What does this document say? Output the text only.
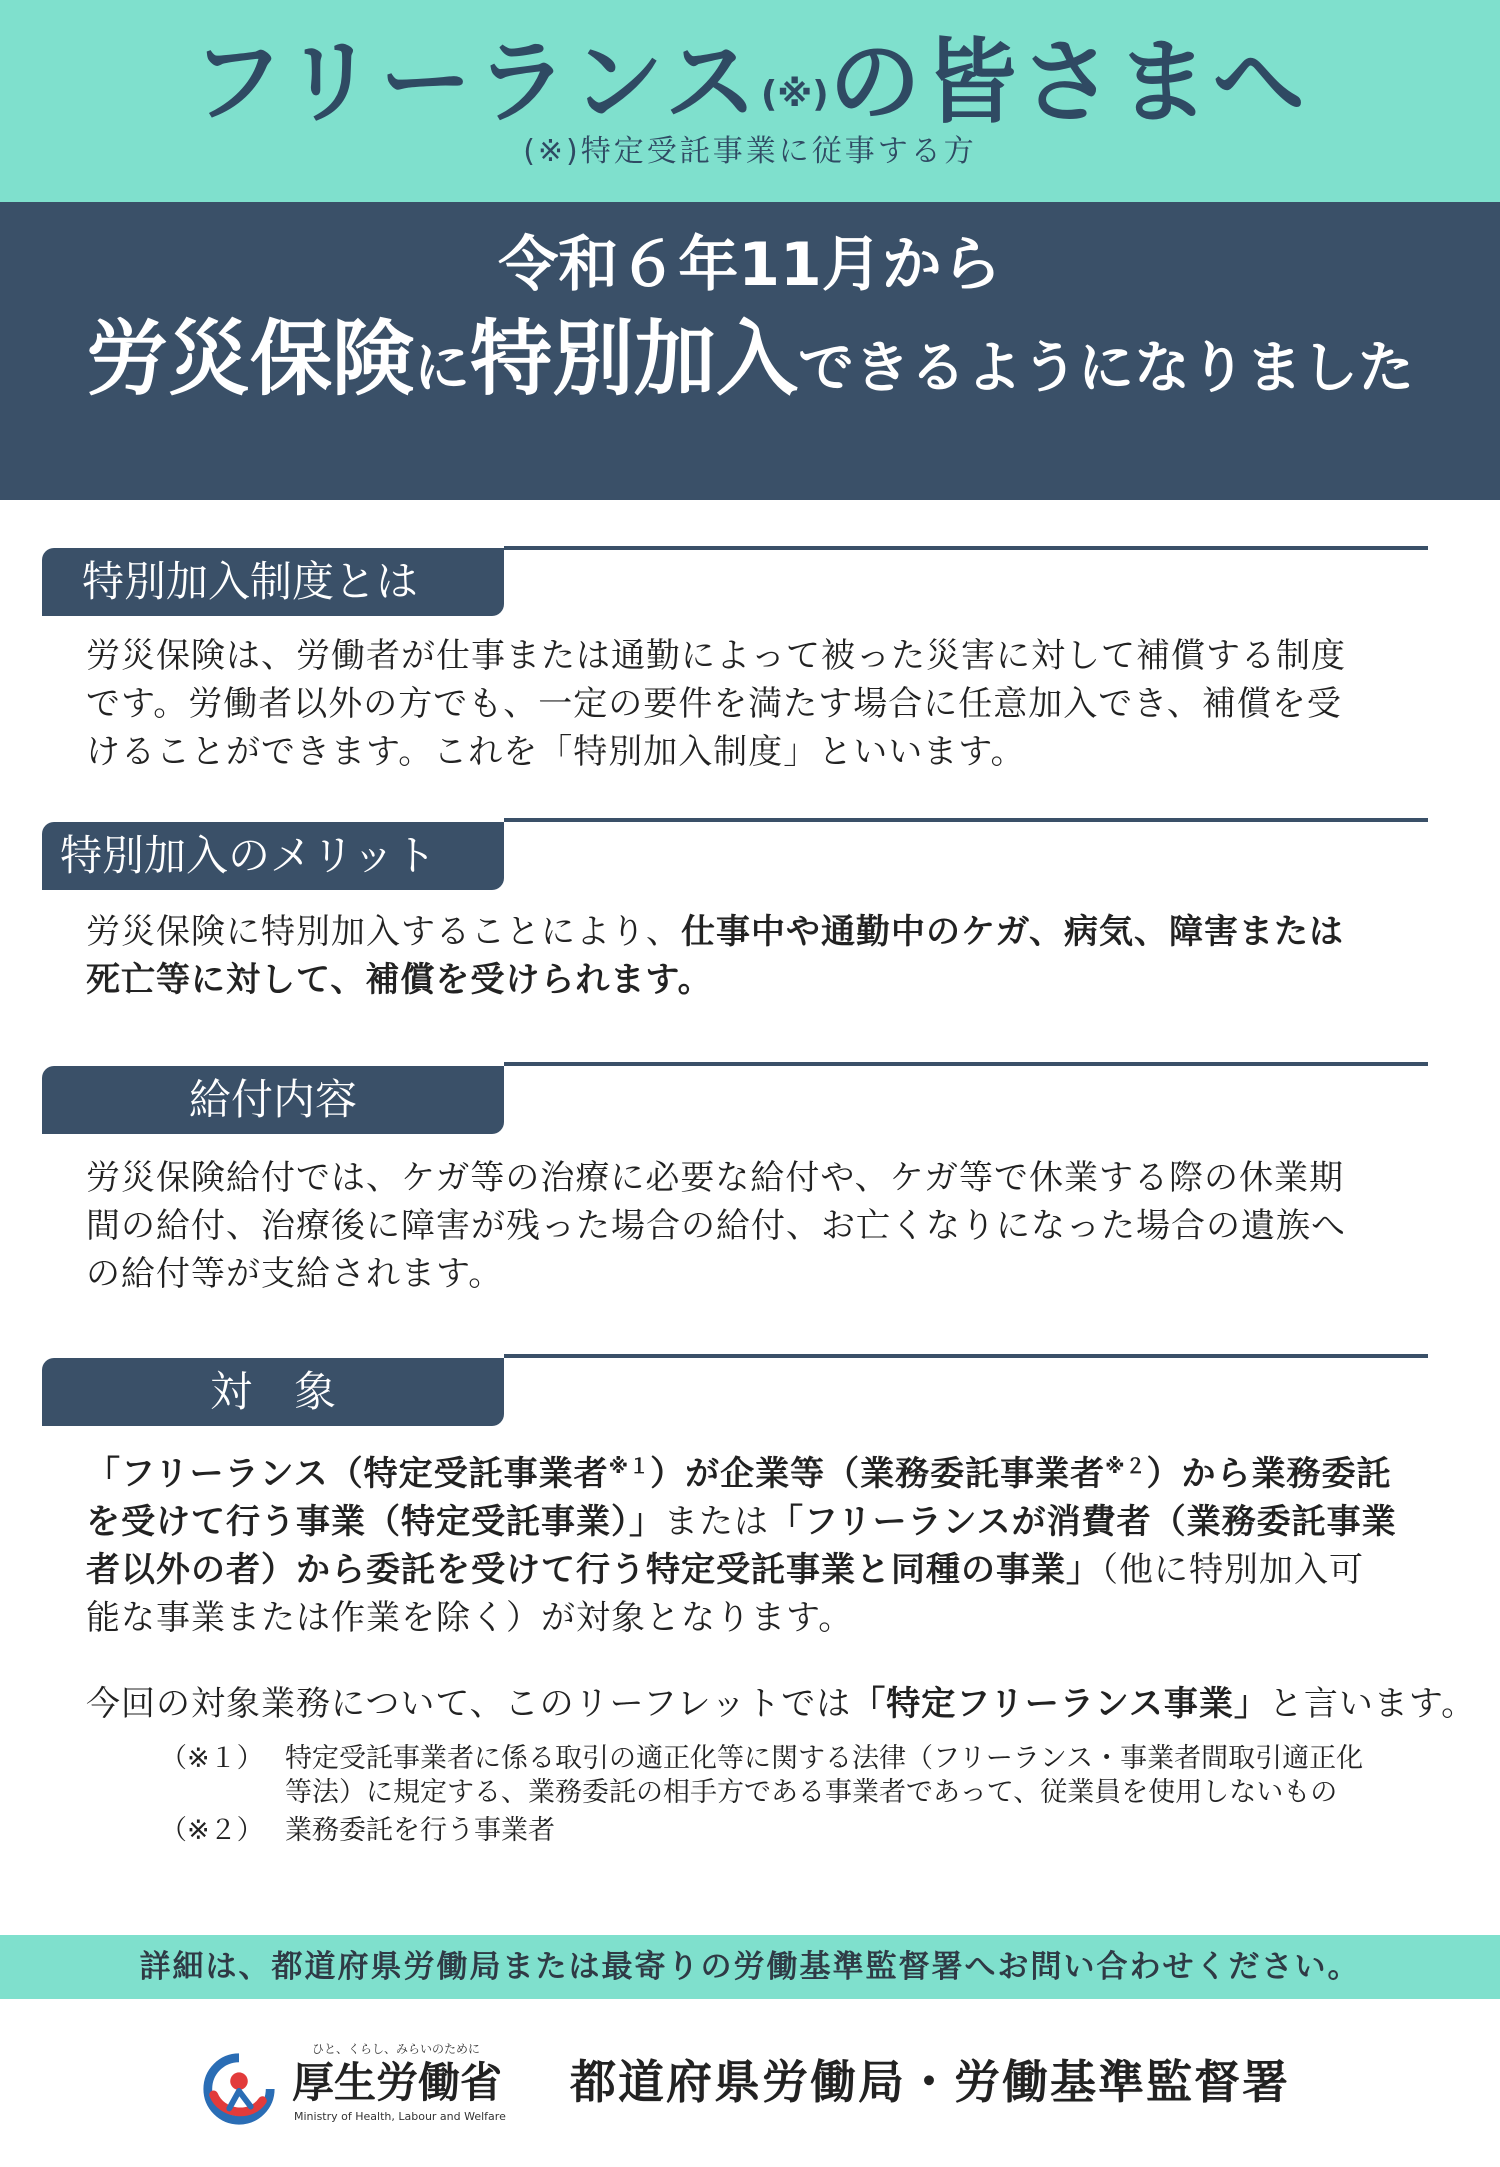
フリーランス(※)の皆さまへ
(※)特定受託事業に従事する方
令和６年11月から
労災保険に特別加入できるようになりました
特別加入制度とは

労災保険は、労働者が仕事または通勤によって被った災害に対して補償する制度

です。労働者以外の方でも、一定の要件を満たす場合に任意加入でき、補償を受

けることができます。これを「特別加入制度」といいます。

特別加入のメリット

労災保険に特別加入することにより、仕事中や通勤中のケガ、病気、障害または

死亡等に対して、補償を受けられます。

給付内容

労災保険給付では、ケガ等の治療に必要な給付や、ケガ等で休業する際の休業期

間の給付、治療後に障害が残った場合の給付、お亡くなりになった場合の遺族へ

の給付等が支給されます。

対　象

「フリーランス（特定受託事業者$^{※1}$）が企業等（業務委託事業者$^{※2}$）から業務委託

を受けて行う事業（特定受託事業）」または「フリーランスが消費者（業務委託事業

者以外の者）から委託を受けて行う特定受託事業と同種の事業」（他に特別加入可

能な事業または作業を除く）が対象となります。

今回の対象業務について、このリーフレットでは「特定フリーランス事業」と言います。

（※１） 特定受託事業者に係る取引の適正化等に関する法律（フリーランス・事業者間取引適正化
等法）に規定する、業務委託の相手方である事業者であって、従業員を使用しないもの
（※２） 業務委託を行う事業者
詳細は、都道府県労働局または最寄りの労働基準監督署へお問い合わせください。
ひと、くらし、みらいのために
厚生労働省
Ministry of Health, Labour and Welfare
都道府県労働局・労働基準監督署
